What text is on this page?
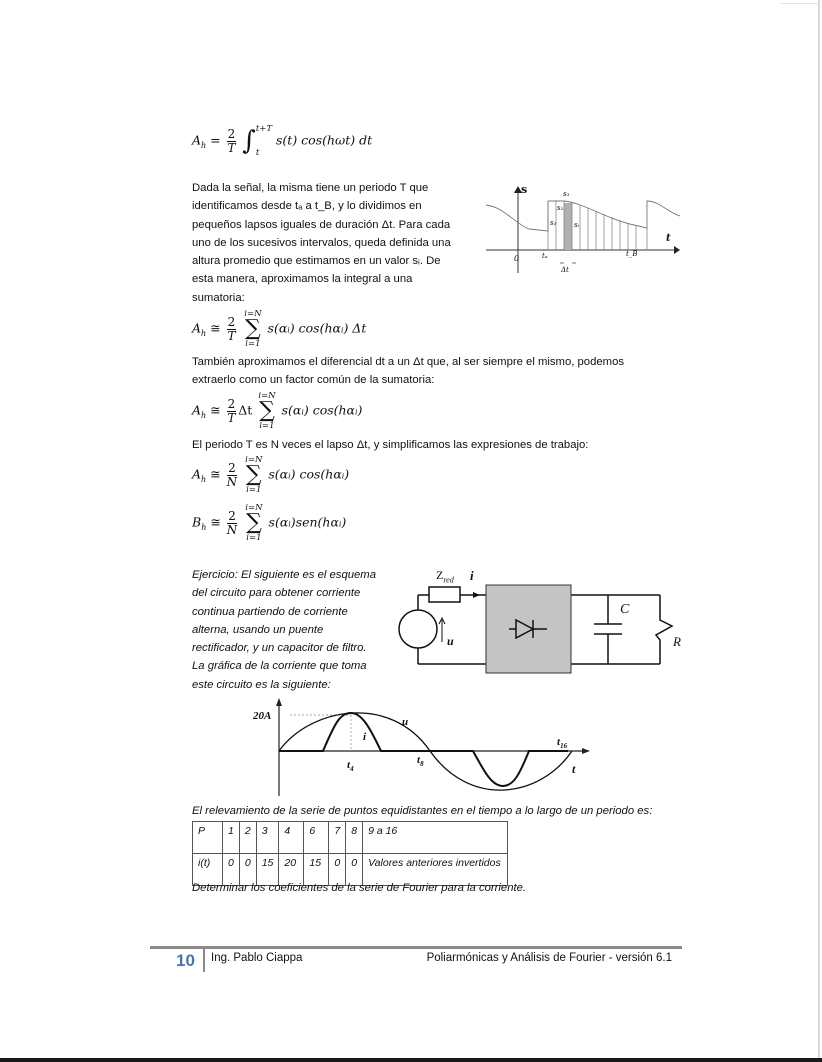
$A_h = \frac{2}{T}$
∫ t+T
t
s(t) cos(hωt) dt
Dada la señal, la misma tiene un periodo T que
identificamos desde tₐ a t_B, y lo dividimos en
pequeños lapsos iguales de duración Δt. Para cada
uno de los sucesivos intervalos, queda definida una
altura promedio que estimamos en un valor sᵢ. De
esta manera, aproximamos la integral a una
sumatoria:
s
t
0	tₐ	t_B
Δt
s₁
s₂
s₃
sᵢ
$A_h$ ≅ $\frac{2}{T}$

i=N
∑
i=1
s(αᵢ) cos(hαᵢ) Δt
También aproximamos el diferencial dt a un Δt que, al ser siempre el mismo, podemos
extraerlo como un factor común de la sumatoria:
$A_h$ ≅ $\frac{2}{T}$ Δt
i=N
∑
i=1
s(αᵢ) cos(hαᵢ)
El periodo T es N veces el lapso Δt, y simplificamos las expresiones de trabajo:
$A_h$ ≅ $\frac{2}{N}$

i=N
∑
i=1
s(αᵢ) cos(hαᵢ)
$B_h$ ≅ $\frac{2}{N}$

i=N
∑
i=1
s(αᵢ)sen(hαᵢ)
Ejercicio: El siguiente es el esquema
del circuito para obtener corriente
continua partiendo de corriente
alterna, usando un puente
rectificador, y un capacitor de filtro.
La gráfica de la corriente que toma
este circuito es la siguiente:
$Z_{red}$ i
u
C
R
20A	u
i
$t_4$
$t_8$
$t_{16}$
t
El relevamiento de la serie de puntos equidistantes en el tiempo a lo largo de un periodo es:
P	1	2	3	4	6	7	8	9 a 16
i(t)	0	0	15	20	15	0	0	Valores anteriores invertidos
Determinar los coeficientes de la serie de Fourier para la corriente.
10 Ing. Pablo Ciappa	Poliarmónicas y Análisis de Fourier - versión 6.1
